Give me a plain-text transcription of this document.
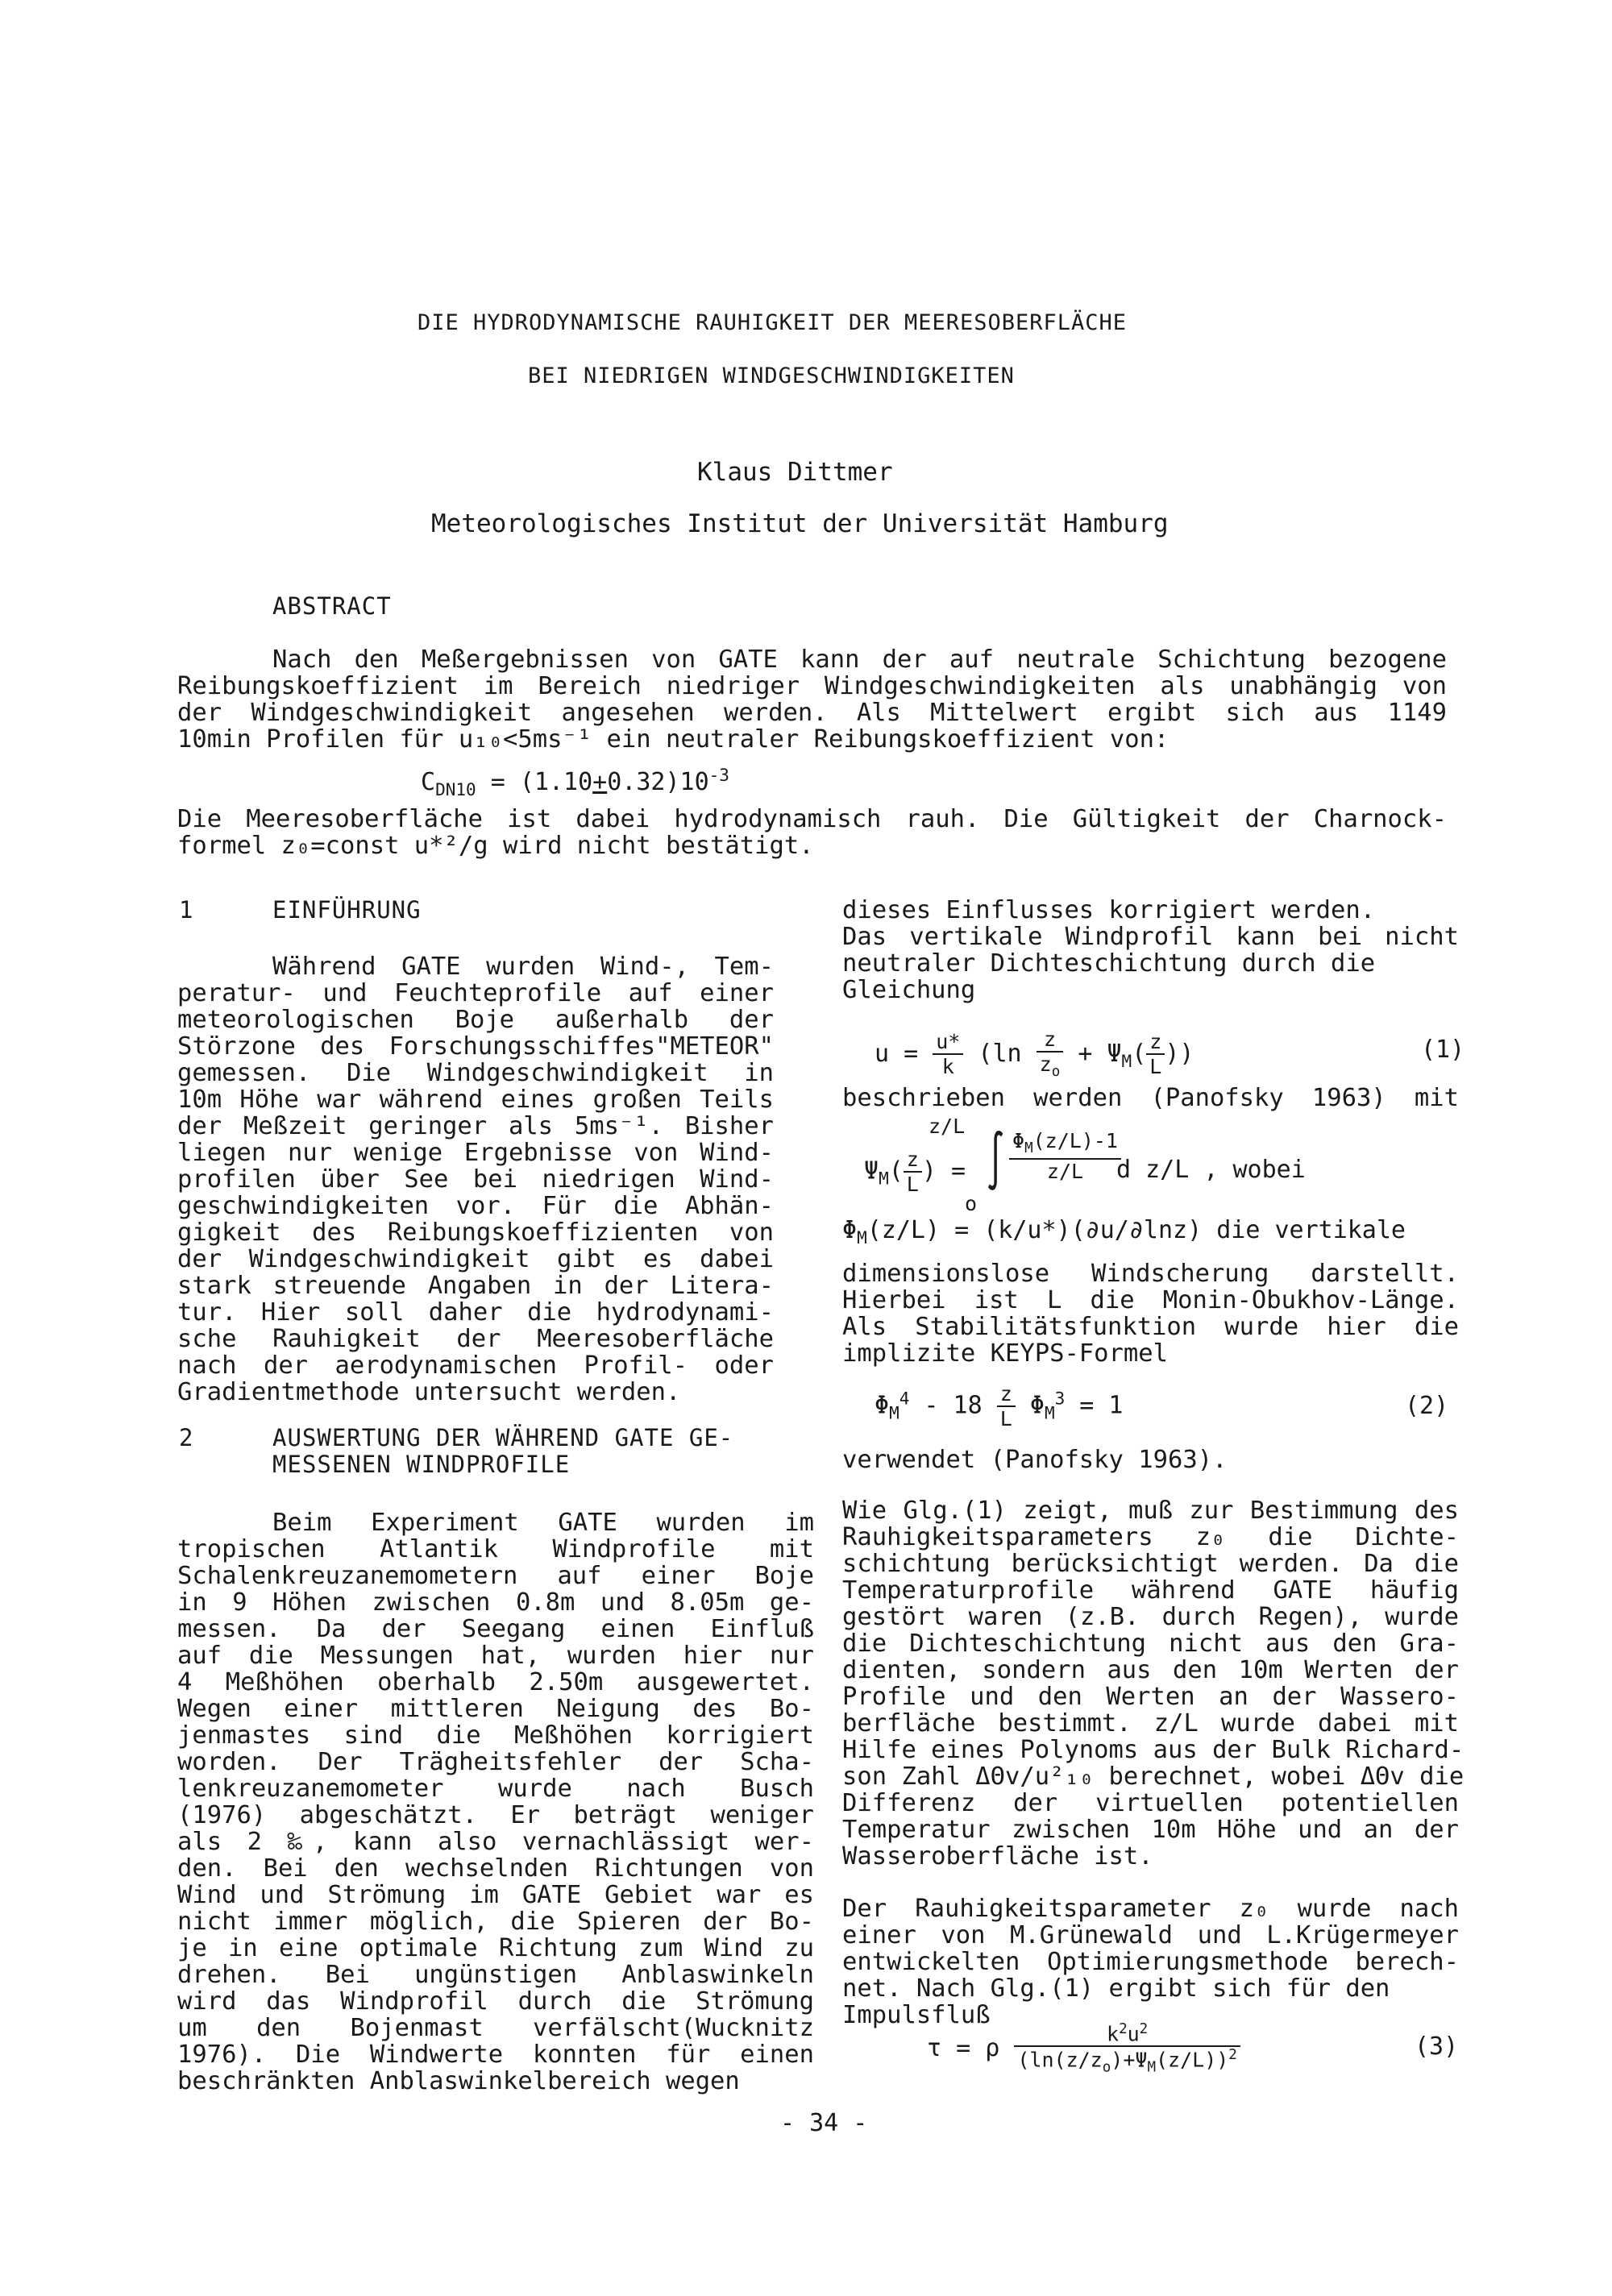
DIE HYDRODYNAMISCHE RAUHIGKEIT DER MEERESOBERFLÄCHE
BEI NIEDRIGEN WINDGESCHWINDIGKEITEN
Klaus Dittmer
Meteorologisches Institut der Universität Hamburg
ABSTRACT
Nach den Meßergebnissen von GATE kann der auf neutrale Schichtung bezogene
Reibungskoeffizient im Bereich niedriger Windgeschwindigkeiten als unabhängig von
der Windgeschwindigkeit angesehen werden. Als Mittelwert ergibt sich aus 1149
10min Profilen für u₁₀<5ms⁻¹ ein neutraler Reibungskoeffizient von:
$C_{DN10} = (1.10+0.32)10^{-3}$
Die Meeresoberfläche ist dabei hydrodynamisch rauh. Die Gültigkeit der Charnock-
formel z₀=const u*²/g wird nicht bestätigt.
1	EINFÜHRUNG
Während GATE wurden Wind-, Tem-
peratur- und Feuchteprofile auf einer
meteorologischen Boje außerhalb der
Störzone des Forschungsschiffes"METEOR"
gemessen. Die Windgeschwindigkeit in
10m Höhe war während eines großen Teils
der Meßzeit geringer als 5ms⁻¹. Bisher
liegen nur wenige Ergebnisse von Wind-
profilen über See bei niedrigen Wind-
geschwindigkeiten vor. Für die Abhän-
gigkeit des Reibungskoeffizienten von
der Windgeschwindigkeit gibt es dabei
stark streuende Angaben in der Litera-
tur. Hier soll daher die hydrodynami-
sche Rauhigkeit der Meeresoberfläche
nach der aerodynamischen Profil- oder
Gradientmethode untersucht werden.
2	AUSWERTUNG DER WÄHREND GATE GE-
MESSENEN WINDPROFILE
Beim Experiment GATE wurden im
tropischen Atlantik Windprofile mit
Schalenkreuzanemometern auf einer Boje
in 9 Höhen zwischen 0.8m und 8.05m ge-
messen. Da der Seegang einen Einfluß
auf die Messungen hat, wurden hier nur
4 Meßhöhen oberhalb 2.50m ausgewertet.
Wegen einer mittleren Neigung des Bo-
jenmastes sind die Meßhöhen korrigiert
worden. Der Trägheitsfehler der Scha-
lenkreuzanemometer wurde nach Busch
(1976) abgeschätzt. Er beträgt weniger
als 2 ‰, kann also vernachlässigt wer-
den. Bei den wechselnden Richtungen von
Wind und Strömung im GATE Gebiet war es
nicht immer möglich, die Spieren der Bo-
je in eine optimale Richtung zum Wind zu
drehen. Bei ungünstigen Anblaswinkeln
wird das Windprofil durch die Strömung
um den Bojenmast verfälscht(Wucknitz
1976). Die Windwerte konnten für einen
beschränkten Anblaswinkelbereich wegen
dieses Einflusses korrigiert werden.
Das vertikale Windprofil kann bei nicht
neutraler Dichteschichtung durch die
Gleichung
$u = \frac{u*}{k} (\ln \frac{z}{z_o} + \Psi_M( \frac{z}{L}$ ))	(1)
beschrieben werden (Panofsky 1963) mit
z/L
$\Psi_M( \frac{z}{L}$ ) = ∫ $\frac{\Phi_M(z/L)-1}{z/L}$
o
d z/L , wobei
$\Phi_M(z/L) = (k/u*)(\partial u/\partial\ln z)$ die vertikale
dimensionslose Windscherung darstellt.
Hierbei ist L die Monin-Obukhov-Länge.
Als Stabilitätsfunktion wurde hier die
implizite KEYPS-Formel
$\Phi_M^4 - 18 \frac{z}{L} \Phi_M^3 = 1$	(2)
verwendet (Panofsky 1963).
Wie Glg.(1) zeigt, muß zur Bestimmung des
Rauhigkeitsparameters z₀ die Dichte-
schichtung berücksichtigt werden. Da die
Temperaturprofile während GATE häufig
gestört waren (z.B. durch Regen), wurde
die Dichteschichtung nicht aus den Gra-
dienten, sondern aus den 10m Werten der
Profile und den Werten an der Wassero-
berfläche bestimmt. z/L wurde dabei mit
Hilfe eines Polynoms aus der Bulk Richard-
son Zahl ΔΘv/u²₁₀ berechnet, wobei ΔΘv die
Differenz der virtuellen potentiellen
Temperatur zwischen 10m Höhe und an der
Wasseroberfläche ist.
Der Rauhigkeitsparameter z₀ wurde nach
einer von M.Grünewald und L.Krügermeyer
entwickelten Optimierungsmethode berech-
net. Nach Glg.(1) ergibt sich für den
Impulsfluß
τ = ρ $\frac{k^2u^2}{(\ln(z/z_o)+\Psi_M(z/L))^2}$	(3)
- 34 -
